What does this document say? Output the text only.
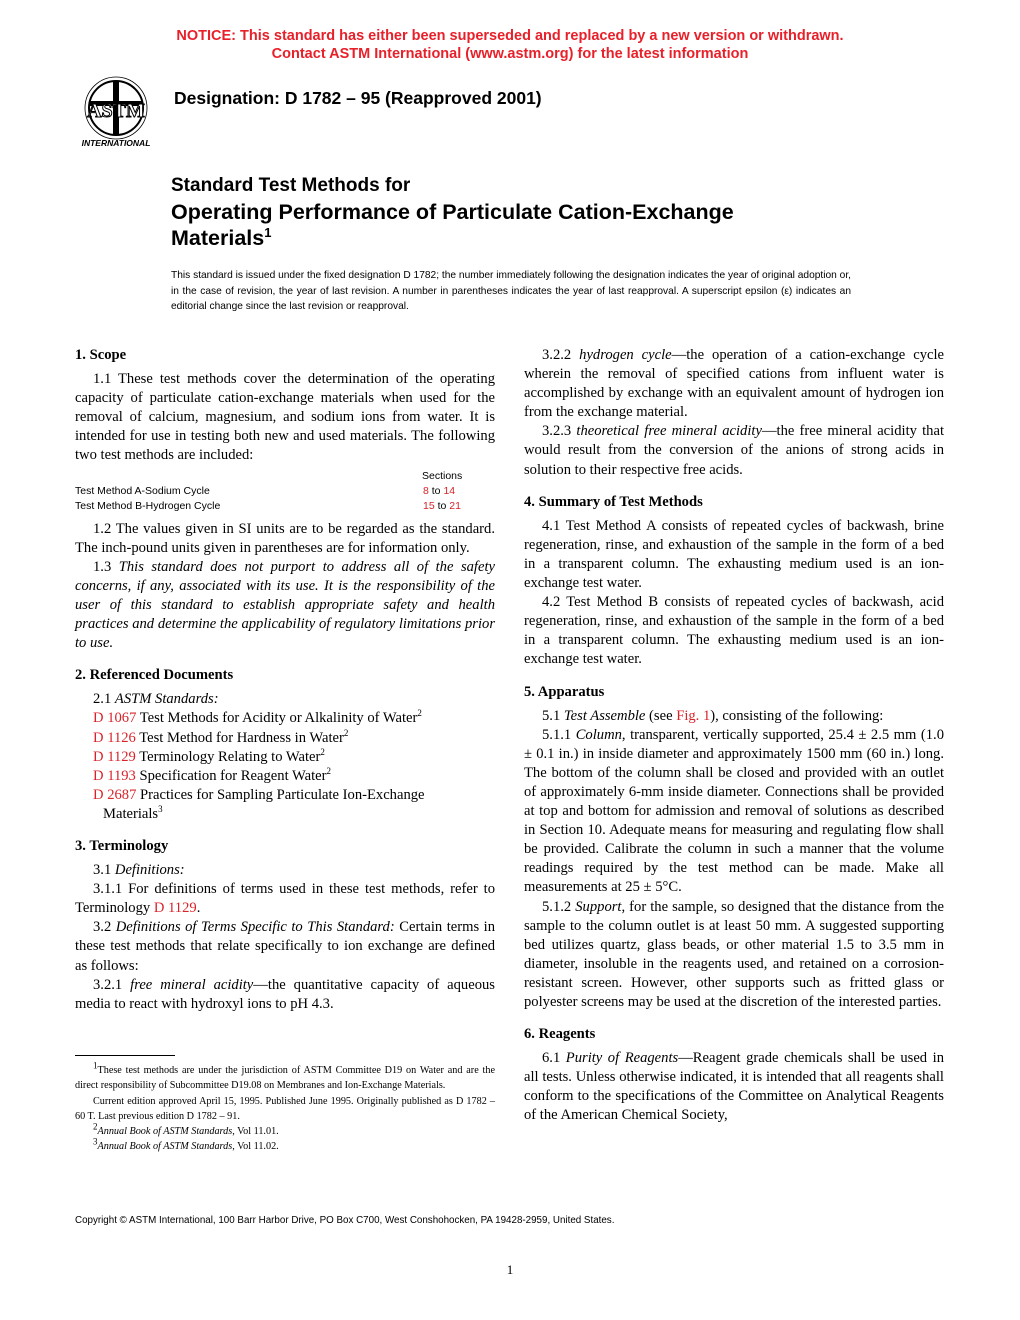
NOTICE: This standard has either been superseded and replaced by a new version or withdrawn.
Contact ASTM International (www.astm.org) for the latest information
ASTM
INTERNATIONAL
Designation: D 1782 – 95 (Reapproved 2001)
Standard Test Methods for
Operating Performance of Particulate Cation-Exchange
Materials$^1$
This standard is issued under the fixed designation D 1782; the number immediately following the designation indicates the year of original adoption or, in the case of revision, the year of last revision. A number in parentheses indicates the year of last reapproval. A superscript epsilon (ε) indicates an editorial change since the last revision or reapproval.
1. Scope

1.1 These test methods cover the determination of the operating capacity of particulate cation-exchange materials when used for the removal of calcium, magnesium, and sodium ions from water. It is intended for use in testing both new and used materials. The following two test methods are included:

Sections
Test Method A-Sodium Cycle	8
to
14
Test Method B-Hydrogen Cycle	15
to
21

1.2 The values given in SI units are to be regarded as the standard. The inch-pound units given in parentheses are for information only.

1.3 This standard does not purport to address all of the safety concerns, if any, associated with its use. It is the responsibility of the user of this standard to establish appropriate safety and health practices and determine the applicability of regulatory limitations prior to use.

2. Referenced Documents

2.1 ASTM Standards:

D 1067 Test Methods for Acidity or Alkalinity of Water$^2$

D 1126 Test Method for Hardness in Water$^2$

D 1129 Terminology Relating to Water$^2$

D 1193 Specification for Reagent Water$^2$

D 2687 Practices for Sampling Particulate Ion-Exchange
Materials$^3$

3. Terminology

3.1 Definitions:

3.1.1 For definitions of terms used in these test methods, refer to Terminology D 1129.

3.2 Definitions of Terms Specific to This Standard: Certain terms in these test methods that relate specifically to ion exchange are defined as follows:

3.2.1 free mineral acidity—the quantitative capacity of aqueous media to react with hydroxyl ions to pH 4.3.

$^1$These test methods are under the jurisdiction of ASTM Committee D19 on Water and are the direct responsibility of Subcommittee D19.08 on Membranes and Ion-Exchange Materials.

Current edition approved April 15, 1995. Published June 1995. Originally published as D 1782 – 60 T. Last previous edition D 1782 – 91.

$^2$Annual Book of ASTM Standards, Vol 11.01.

$^3$Annual Book of ASTM Standards, Vol 11.02.

3.2.2 hydrogen cycle—the operation of a cation-exchange cycle wherein the removal of specified cations from influent water is accomplished by exchange with an equivalent amount of hydrogen ion from the exchange material.

3.2.3 theoretical free mineral acidity—the free mineral acidity that would result from the conversion of the anions of strong acids in solution to their respective free acids.

4. Summary of Test Methods

4.1 Test Method A consists of repeated cycles of backwash, brine regeneration, rinse, and exhaustion of the sample in the form of a bed in a transparent column. The exhausting medium used is an ion-exchange test water.

4.2 Test Method B consists of repeated cycles of backwash, acid regeneration, rinse, and exhaustion of the sample in the form of a bed in a transparent column. The exhausting medium used is an ion-exchange test water.

5. Apparatus

5.1 Test Assemble (see Fig. 1), consisting of the following:

5.1.1 Column, transparent, vertically supported, 25.4 ± 2.5 mm (1.0 ± 0.1 in.) in inside diameter and approximately 1500 mm (60 in.) long. The bottom of the column shall be closed and provided with an outlet of approximately 6-mm inside diameter. Connections shall be provided at top and bottom for admission and removal of solutions as described in Section 10. Adequate means for measuring and regulating flow shall be provided. Calibrate the column in such a manner that the volume readings required by the test method can be made. Make all measurements at 25 ± 5°C.

5.1.2 Support, for the sample, so designed that the distance from the sample to the column outlet is at least 50 mm. A suggested supporting bed utilizes quartz, glass beads, or other material 1.5 to 3.5 mm in diameter, insoluble in the reagents used, and retained on a corrosion-resistant screen. However, other supports such as fritted glass or polyester screens may be used at the discretion of the interested parties.

6. Reagents

6.1 Purity of Reagents—Reagent grade chemicals shall be used in all tests. Unless otherwise indicated, it is intended that all reagents shall conform to the specifications of the Committee on Analytical Reagents of the American Chemical Society,

Copyright © ASTM International, 100 Barr Harbor Drive, PO Box C700, West Conshohocken, PA 19428-2959, United States.
1
